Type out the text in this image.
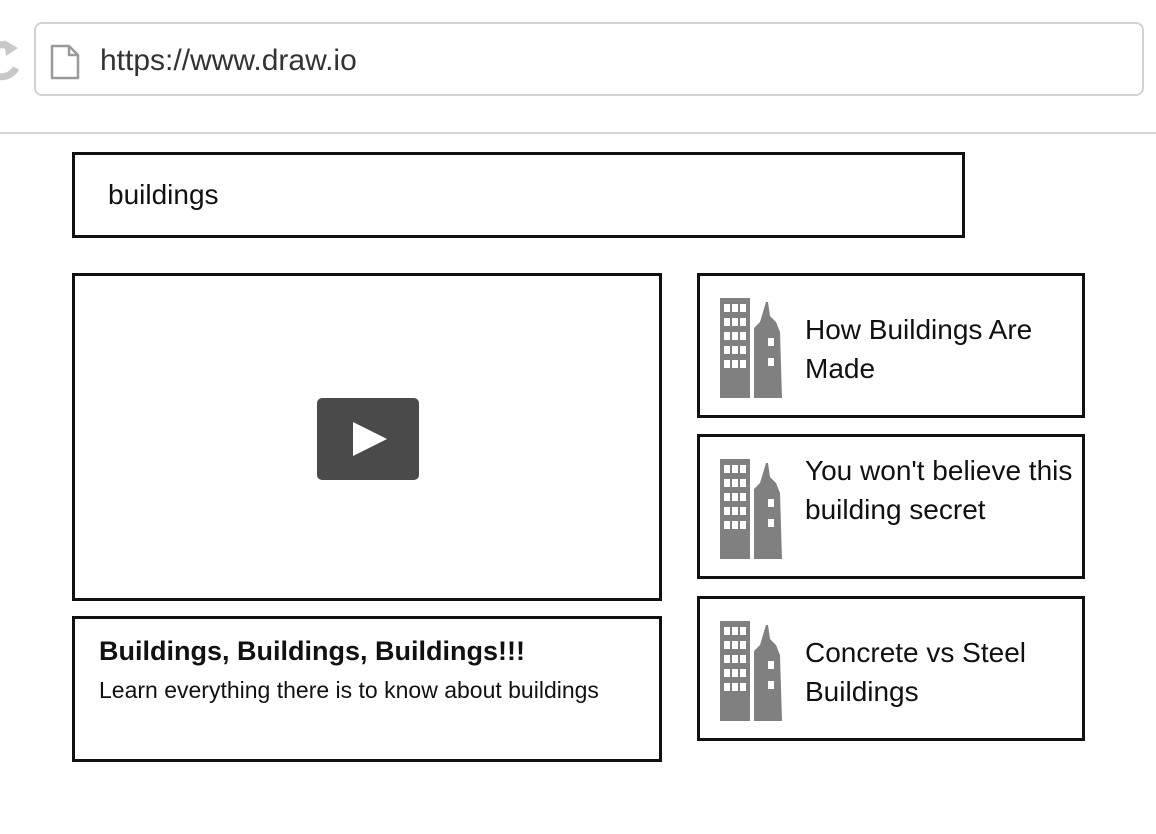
https://www.draw.io
buildings
Buildings, Buildings, Buildings!!!
Learn everything there is to know about buildings
How Buildings Are Made
You won't believe this building secret
Concrete vs Steel Buildings
